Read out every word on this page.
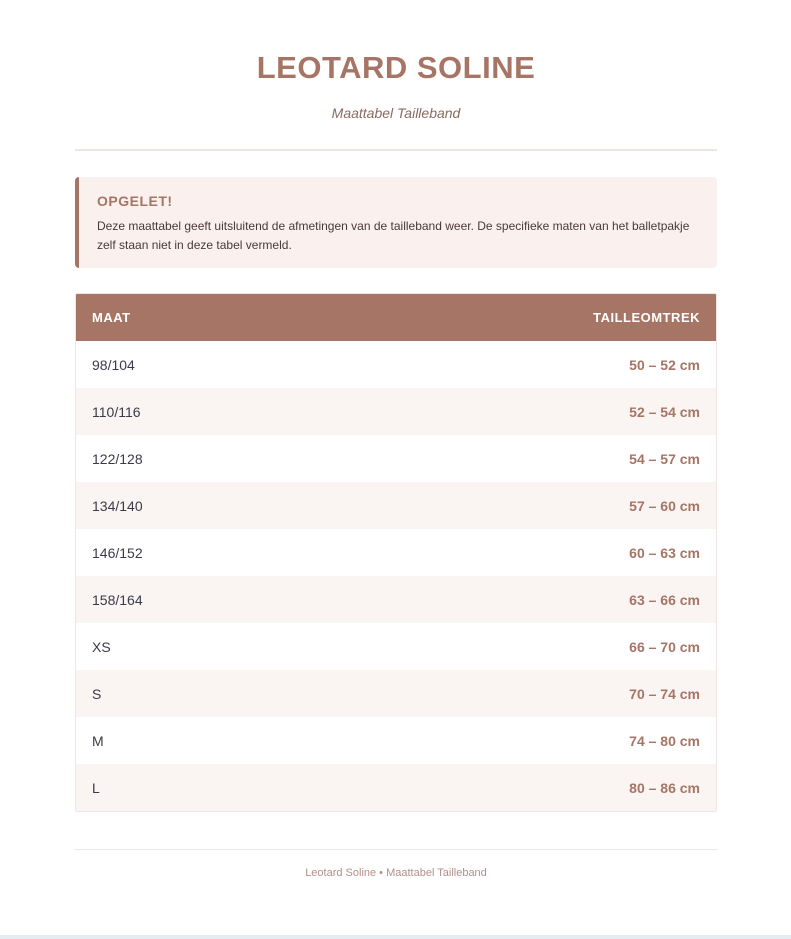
LEOTARD SOLINE
Maattabel Tailleband
OPGELET!
Deze maattabel geeft uitsluitend de afmetingen van de tailleband weer. De specifieke maten van het balletpakje zelf staan niet in deze tabel vermeld.
MAAT	TAILLEOMTREK
98/104	50 – 52 cm
110/116	52 – 54 cm
122/128	54 – 57 cm
134/140	57 – 60 cm
146/152	60 – 63 cm
158/164	63 – 66 cm
XS	66 – 70 cm
S	70 – 74 cm
M	74 – 80 cm
L	80 – 86 cm
Leotard Soline • Maattabel Tailleband
